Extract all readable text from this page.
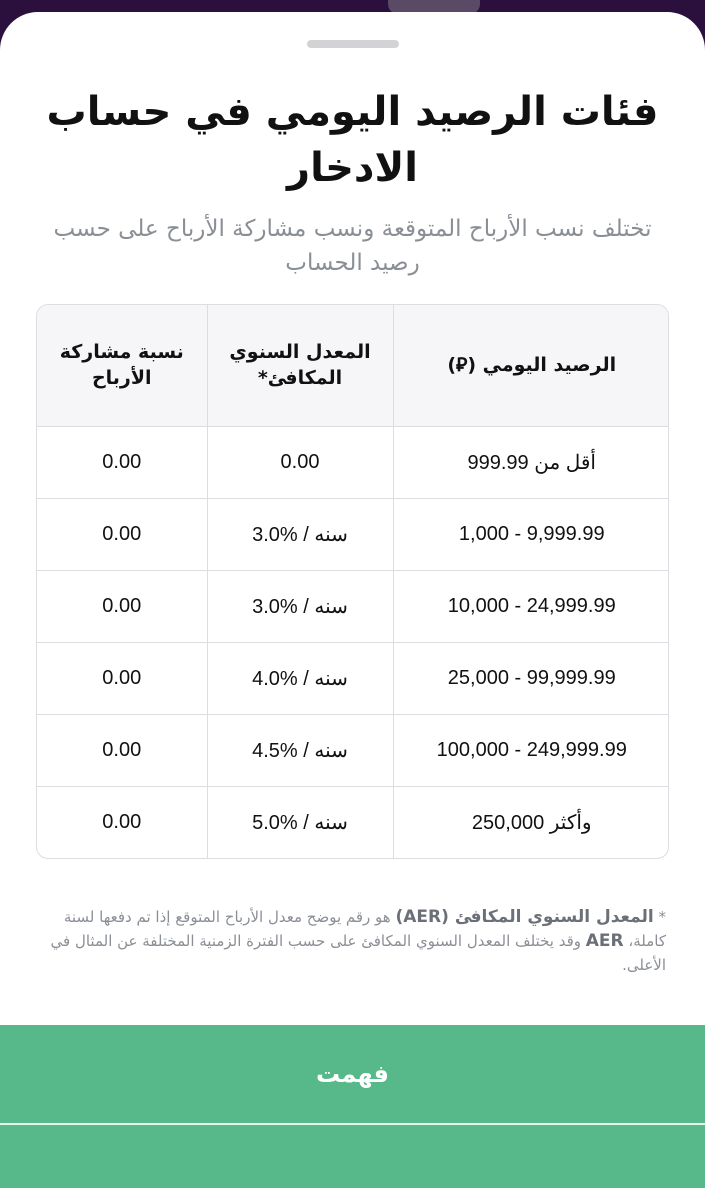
فئات الرصيد اليومي في حساب الادخار

تختلف نسب الأرباح المتوقعة ونسب مشاركة الأرباح على حسب رصيد الحساب

الرصيد اليومي (⃁)	المعدل السنوي المكافئ*	نسبة مشاركة الأرباح
أقل من 999.99	0.00	0.00
1,000 - 9,999.99	3.0% / سنه	0.00
10,000 - 24,999.99	3.0% / سنه	0.00
25,000 - 99,999.99	4.0% / سنه	0.00
100,000 - 249,999.99	4.5% / سنه	0.00
250,000 وأكثر	5.0% / سنه	0.00

* المعدل السنوي المكافئ (AER) هو رقم يوضح معدل الأرباح المتوقع إذا تم دفعها لسنة كاملة، AER وقد يختلف المعدل السنوي المكافئ على حسب الفترة الزمنية المختلفة عن المثال في الأعلى.

فهمت
